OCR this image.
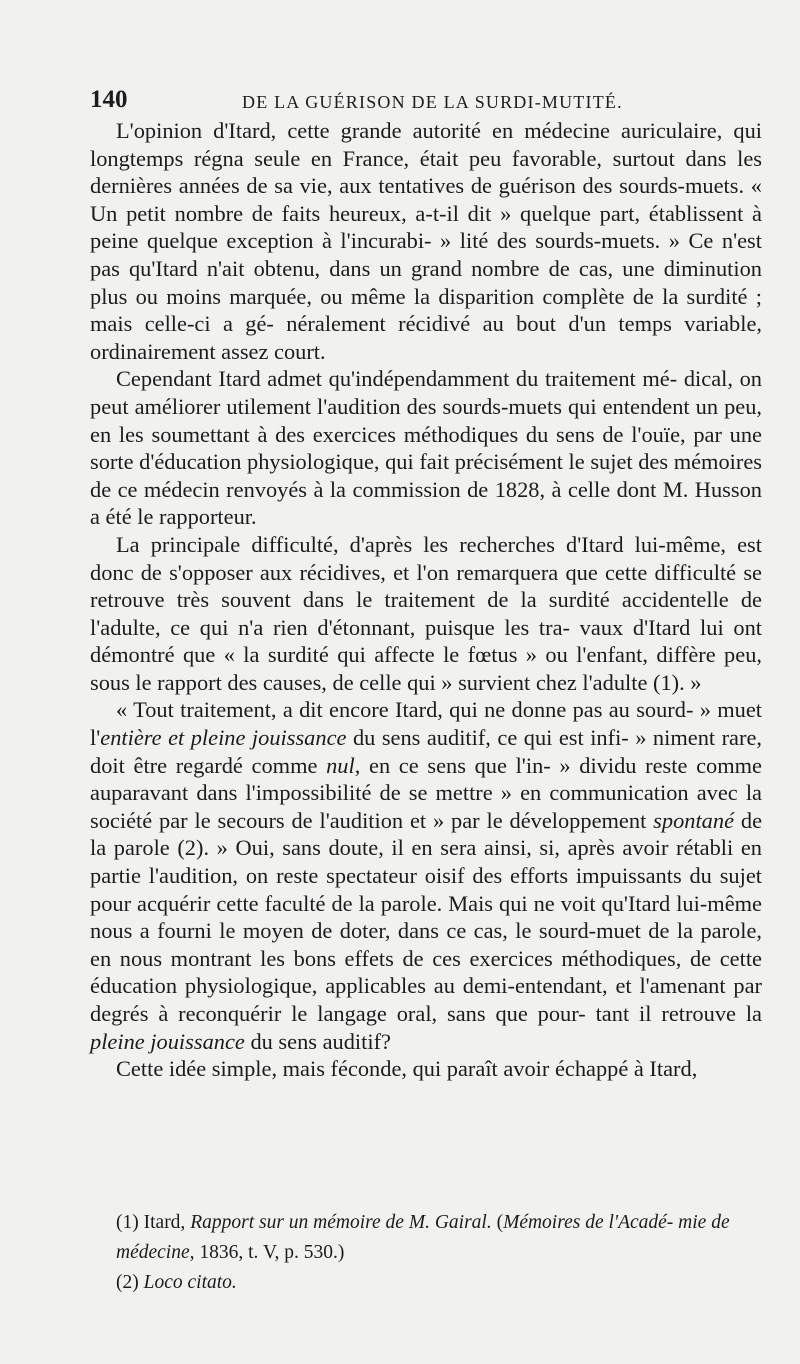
140	DE LA GUÉRISON DE LA SURDI-MUTITÉ.

L'opinion d'Itard, cette grande autorité en médecine auriculaire, qui longtemps régna seule en France, était peu favorable, surtout dans les dernières années de sa vie, aux tentatives de guérison des sourds-muets. « Un petit nombre de faits heureux, a-t-il dit » quelque part, établissent à peine quelque exception à l'incurabi- » lité des sourds-muets. » Ce n'est pas qu'Itard n'ait obtenu, dans un grand nombre de cas, une diminution plus ou moins marquée, ou même la disparition complète de la surdité ; mais celle-ci a gé- néralement récidivé au bout d'un temps variable, ordinairement assez court.

Cependant Itard admet qu'indépendamment du traitement mé- dical, on peut améliorer utilement l'audition des sourds-muets qui entendent un peu, en les soumettant à des exercices méthodiques du sens de l'ouïe, par une sorte d'éducation physiologique, qui fait précisément le sujet des mémoires de ce médecin renvoyés à la commission de 1828, à celle dont M. Husson a été le rapporteur.

La principale difficulté, d'après les recherches d'Itard lui-même, est donc de s'opposer aux récidives, et l'on remarquera que cette difficulté se retrouve très souvent dans le traitement de la surdité accidentelle de l'adulte, ce qui n'a rien d'étonnant, puisque les tra- vaux d'Itard lui ont démontré que « la surdité qui affecte le fœtus » ou l'enfant, diffère peu, sous le rapport des causes, de celle qui » survient chez l'adulte (1). »

« Tout traitement, a dit encore Itard, qui ne donne pas au sourd- » muet l'entière et pleine jouissance du sens auditif, ce qui est infi- » niment rare, doit être regardé comme nul, en ce sens que l'in- » dividu reste comme auparavant dans l'impossibilité de se mettre » en communication avec la société par le secours de l'audition et » par le développement spontané de la parole (2). » Oui, sans doute, il en sera ainsi, si, après avoir rétabli en partie l'audition, on reste spectateur oisif des efforts impuissants du sujet pour acquérir cette faculté de la parole. Mais qui ne voit qu'Itard lui-même nous a fourni le moyen de doter, dans ce cas, le sourd-muet de la parole, en nous montrant les bons effets de ces exercices méthodiques, de cette éducation physiologique, applicables au demi-entendant, et l'amenant par degrés à reconquérir le langage oral, sans que pour- tant il retrouve la pleine jouissance du sens auditif?

Cette idée simple, mais féconde, qui paraît avoir échappé à Itard,

(1) Itard, Rapport sur un mémoire de M. Gairal. (Mémoires de l'Acadé- mie de médecine, 1836, t. V, p. 530.)

(2) Loco citato.
